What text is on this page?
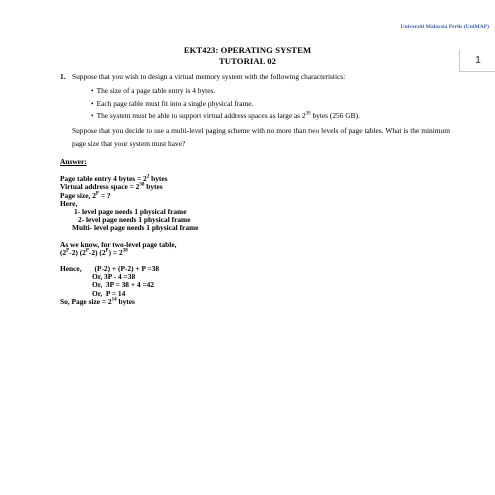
Universiti Malaysia Perlis (UniMAP)
1
EKT423: OPERATING SYSTEM
TUTORIAL 02
1. Suppose that you wish to design a virtual memory system with the following characteristics:
• The size of a page table entry is 4 bytes.
• Each page table must fit into a single physical frame.
• The system must be able to support virtual address spaces as large as $2^{38}$ bytes (256 GB).
Suppose that you decide to use a multi-level paging scheme with no more than two levels of page tables. What is the minimum page size that your system must have?
Answer:
Page table entry 4 bytes = $2^2$ bytes
Virtual address space = $2^{38}$ bytes
Page size, $2^P$ = ?
Here,
1- level page needs 1 physical frame
2- level page needs 1 physical frame
Multi- level page needs 1 physical frame
As we know, for two-level page table,
$(2^P-2)$ $(2^P-2) (2^P) = 2^{38}$
Hence,       (P-2) + (P-2) + P =38
Or, 3P - 4 =38
Or,  3P = 38 + 4 =42
Or,  P = 14
So, Page size = $2^{14}$ bytes
